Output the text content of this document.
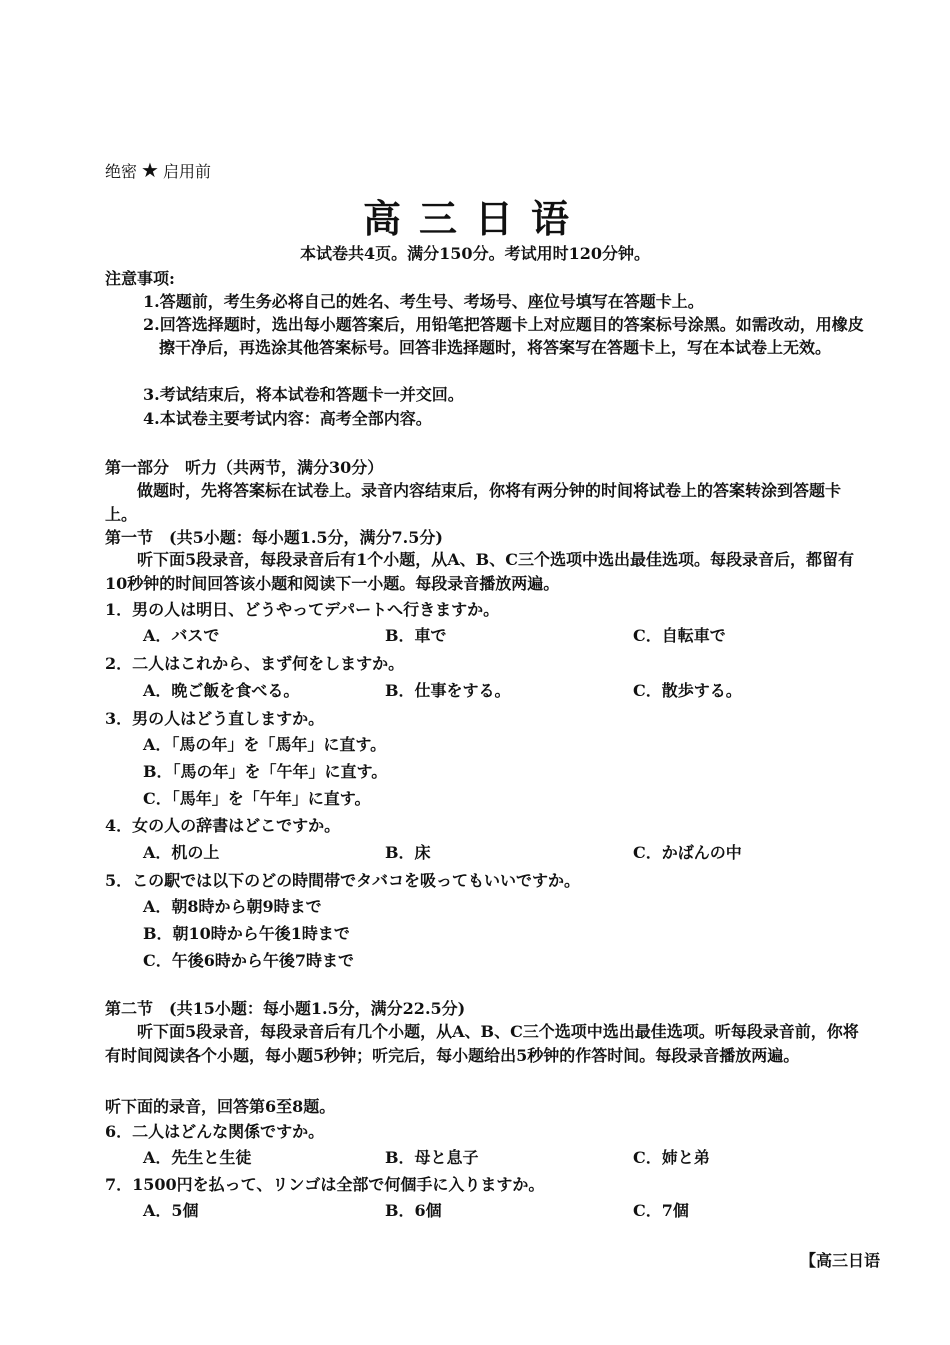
绝密 ★ 启用前
高三日语
本试卷共4页。满分150分。考试用时120分钟。
注意事项:
1.答题前，考生务必将自己的姓名、考生号、考场号、座位号填写在答题卡上。
2.回答选择题时，选出每小题答案后，用铅笔把答题卡上对应题目的答案标号涂黑。如需改动，用橡皮擦干净后，再选涂其他答案标号。回答非选择题时，将答案写在答题卡上，写在本试卷上无效。
3.考试结束后，将本试卷和答题卡一并交回。
4.本试卷主要考试内容：高考全部内容。
第一部分　听力（共两节，满分30分）
做题时，先将答案标在试卷上。录音内容结束后，你将有两分钟的时间将试卷上的答案转涂到答题卡上。
第一节　(共5小题：每小题1.5分，满分7.5分)
听下面5段录音，每段录音后有1个小题，从A、B、C三个选项中选出最佳选项。每段录音后，都留有10秒钟的时间回答该小题和阅读下一小题。每段录音播放两遍。
1．男の人は明日、どうやってデパートへ行きますか。
A．バスで	B．車で	C．自転車で
2．二人はこれから、まず何をしますか。
A．晩ご飯を食べる。	B．仕事をする。	C．散歩する。
3．男の人はどう直しますか。
A．「馬の年」を「馬年」に直す。
B．「馬の年」を「午年」に直す。
C．「馬年」を「午年」に直す。
4．女の人の辞書はどこですか。
A．机の上	B．床	C．かばんの中
5．この駅では以下のどの時間帯でタバコを吸ってもいいですか。
A．朝8時から朝9時まで
B．朝10時から午後1時まで
C．午後6時から午後7時まで
第二节　(共15小题：每小题1.5分，满分22.5分)
听下面5段录音，每段录音后有几个小题，从A、B、C三个选项中选出最佳选项。听每段录音前，你将有时间阅读各个小题，每小题5秒钟；听完后，每小题给出5秒钟的作答时间。每段录音播放两遍。
听下面的录音，回答第6至8题。
6．二人はどんな関係ですか。
A．先生と生徒	B．母と息子	C．姉と弟
7．1500円を払って、リンゴは全部で何個手に入りますか。
A．5個	B．6個	C．7個
【高三日语
